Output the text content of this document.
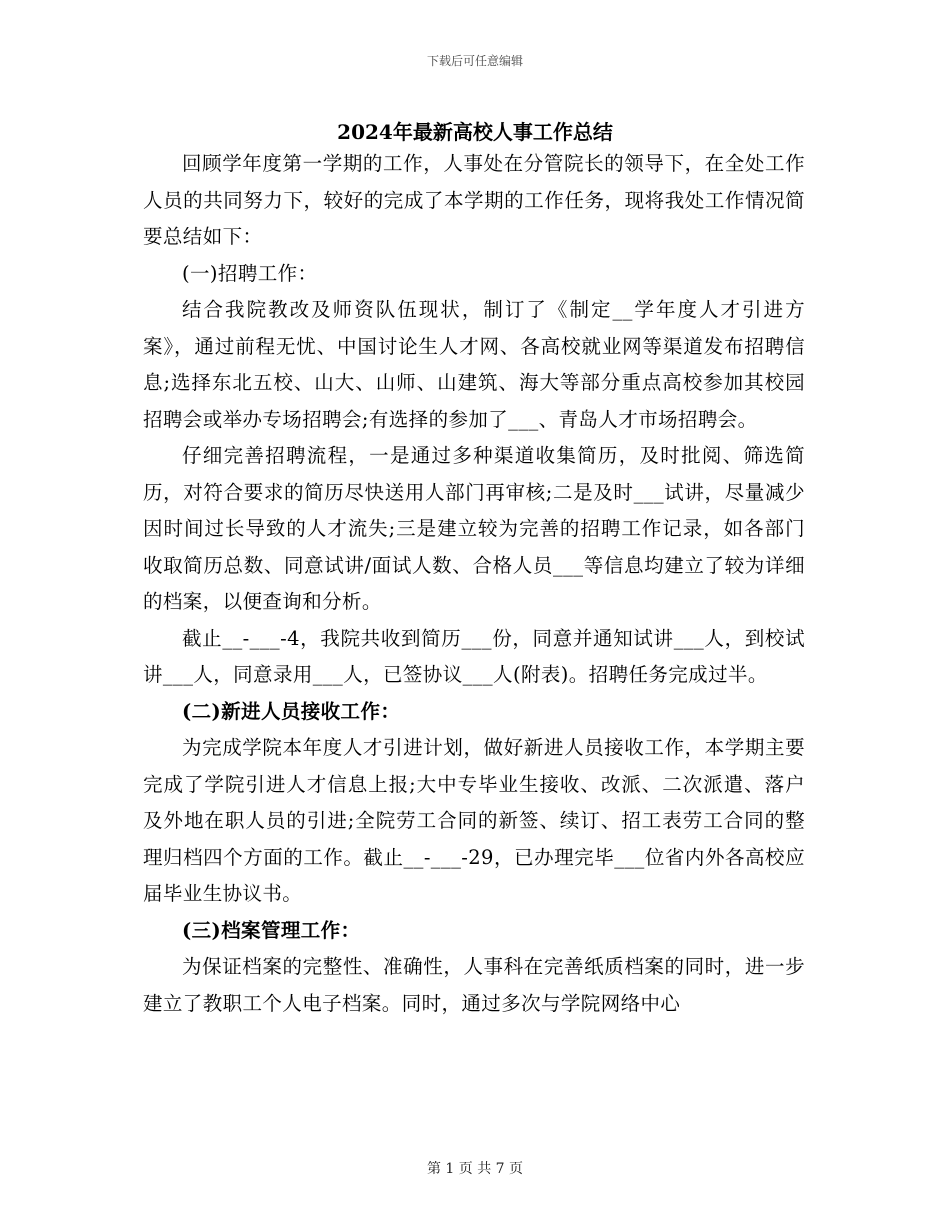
下载后可任意编辑
2024年最新高校人事工作总结

回顾学年度第一学期的工作，人事处在分管院长的领导下，在全处工作人员的共同努力下，较好的完成了本学期的工作任务，现将我处工作情况简要总结如下：

(一)招聘工作：

结合我院教改及师资队伍现状，制订了《制定__学年度人才引进方案》，通过前程无忧、中国讨论生人才网、各高校就业网等渠道发布招聘信息;选择东北五校、山大、山师、山建筑、海大等部分重点高校参加其校园招聘会或举办专场招聘会;有选择的参加了___、青岛人才市场招聘会。

仔细完善招聘流程，一是通过多种渠道收集简历，及时批阅、筛选简历，对符合要求的简历尽快送用人部门再审核;二是及时___试讲，尽量减少因时间过长导致的人才流失;三是建立较为完善的招聘工作记录，如各部门收取简历总数、同意试讲/面试人数、合格人员___等信息均建立了较为详细的档案，以便查询和分析。

截止__-___-4，我院共收到简历___份，同意并通知试讲___人，到校试讲___人，同意录用___人，已签协议___人(附表)。招聘任务完成过半。

(二)新进人员接收工作：

为完成学院本年度人才引进计划，做好新进人员接收工作，本学期主要完成了学院引进人才信息上报;大中专毕业生接收、改派、二次派遣、落户及外地在职人员的引进;全院劳工合同的新签、续订、招工表劳工合同的整理归档四个方面的工作。截止__-___-29，已办理完毕___位省内外各高校应届毕业生协议书。

(三)档案管理工作：

为保证档案的完整性、准确性，人事科在完善纸质档案的同时，进一步建立了教职工个人电子档案。同时，通过多次与学院网络中心

第 1 页 共 7 页
